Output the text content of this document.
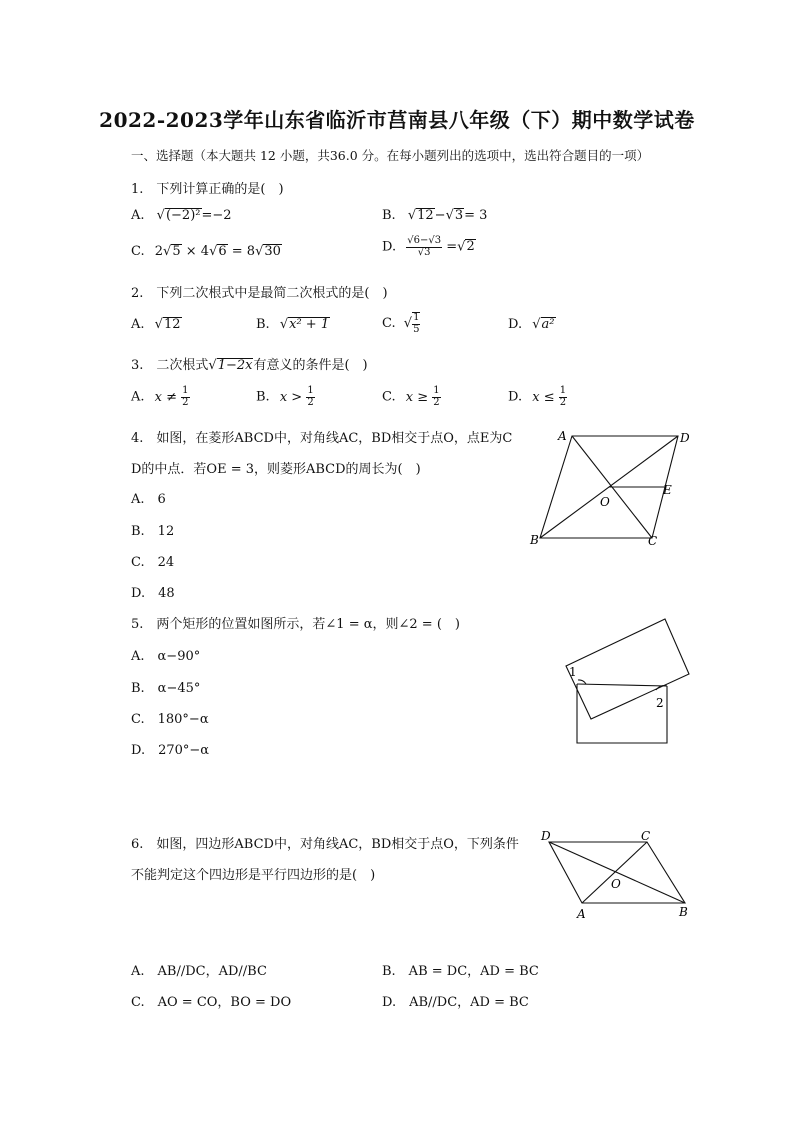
2022-2023学年山东省临沂市莒南县八年级（下）期中数学试卷
一、选择题（本大题共 12 小题，共36.0 分。在每小题列出的选项中，选出符合题目的一项）
1.　下列计算正确的是(　)
A. √(−2)²=−2	B. √12−√3= 3
C. 2√5 × 4√6 = 8√30	D. $\frac{√6-√3}{√3} =√2$
2.　下列二次根式中是最简二次根式的是(　)
A. √12	B. √x² + 1	C. √ $\frac{1}{5}$	D. √a²
3.　二次根式√1−2x有意义的条件是(　)
A. $x \ne \frac{1}{2}$	B. $x > \frac{1}{2}$	C. $x \ge \frac{1}{2}$	D. $x \le \frac{1}{2}$
4.　如图，在菱形ABCD中，对角线AC，BD相交于点O，点E为C
D的中点．若OE = 3，则菱形ABCD的周长为(　)
A.　6
B.　12
C.　24
D.　48
A	D
B	C
O
E
5.　两个矩形的位置如图所示，若∠1 = α，则∠2 = (　)
A.　α−90°
B.　α−45°
C.　180°−α
D.　270°−α
1
2
6.　如图，四边形ABCD中，对角线AC，BD相交于点O，下列条件
不能判定这个四边形是平行四边形的是(　)
D	C
A	B
O
A.　AB//DC，AD//BC	B.　AB = DC，AD = BC
C.　AO = CO，BO = DO	D.　AB//DC，AD = BC
